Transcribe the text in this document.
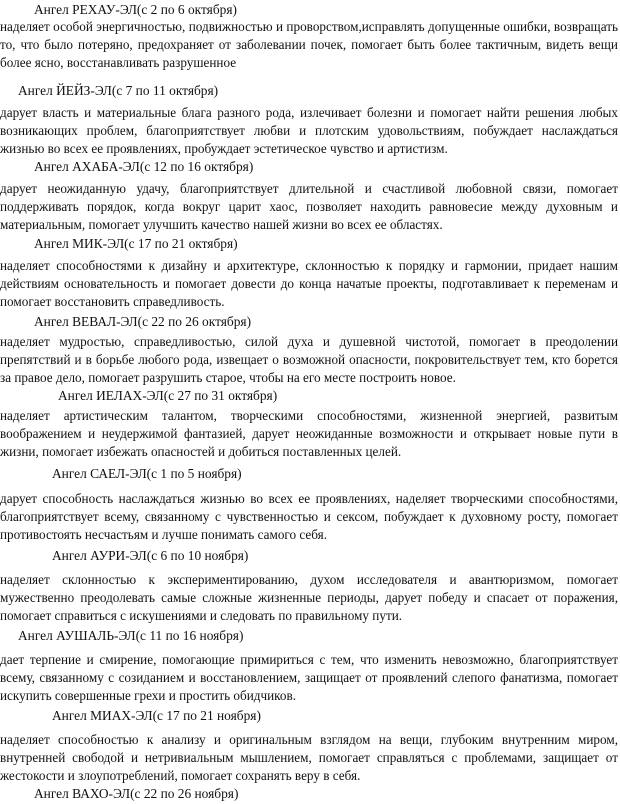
Ангел РЕХАУ-ЭЛ(с 2 по 6 октября)
наделяет особой энергичностью, подвижностью и проворством,исправлять допущенные ошибки, возвращать то, что было потеряно, предохраняет от заболевании почек, помогает быть более тактичным, видеть вещи более ясно, восстанавливать разрушенное
Ангел ЙЕЙЗ-ЭЛ(с 7 по 11 октября)
дарует власть и материальные блага разного рода, излечивает болезни и помогает найти решения любых возникающих проблем, благоприятствует любви и плотским удовольствиям, побуждает наслаждаться жизнью во всех ее проявлениях, пробуждает эстетическое чувство и артистизм.
Ангел АХАБА-ЭЛ(с 12 по 16 октября)
дарует неожиданную удачу, благоприятствует длительной и счастливой любовной связи, помогает поддерживать порядок, когда вокруг царит хаос, позволяет находить равновесие между духовным и материальным, помогает улучшить качество нашей жизни во всех ее областях.
Ангел МИК-ЭЛ(с 17 по 21 октября)
наделяет способностями к дизайну и архитектуре, склонностью к порядку и гармонии, придает нашим действиям основательность и помогает довести до конца начатые проекты, подготавливает к переменам и помогает восстановить справедливость.
Ангел ВЕВАЛ-ЭЛ(с 22 по 26 октября)
наделяет мудростью, справедливостью, силой духа и душевной чистотой, помогает в преодолении препятствий и в борьбе любого рода, извещает о возможной опасности, покровительствует тем, кто борется за правое дело, помогает разрушить старое, чтобы на его месте построить новое.
Ангел ИЕЛАХ-ЭЛ(с 27 по 31 октября)
наделяет артистическим талантом, творческими способностями, жизненной энергией, развитым воображением и неудержимой фантазией, дарует неожиданные возможности и открывает новые пути в жизни, помогает избежать опасностей и добиться поставленных целей.
Ангел САЕЛ-ЭЛ(с 1 по 5 ноября)
дарует способность наслаждаться жизнью во всех ее проявлениях, наделяет творческими способностями, благоприятствует всему, связанному с чувственностью и сексом, побуждает к духовному росту, помогает противостоять несчастьям и лучше понимать самого себя.
Ангел АУРИ-ЭЛ(с 6 по 10 ноября)
наделяет склонностью к экспериментированию, духом исследователя и авантюризмом, помогает мужественно преодолевать самые сложные жизненные периоды, дарует победу и спасает от поражения, помогает справиться с искушениями и следовать по правильному пути.
Ангел АУШАЛЬ-ЭЛ(с 11 по 16 ноября)
дает терпение и смирение, помогающие примириться с тем, что изменить невозможно, благоприятствует всему, связанному с созиданием и восстановлением, защищает от проявлений слепого фанатизма, помогает искупить совершенные грехи и простить обидчиков.
Ангел МИАХ-ЭЛ(с 17 по 21 ноября)
наделяет способностью к анализу и оригинальным взглядом на вещи, глубоким внутренним миром, внутренней свободой и нетривиальным мышлением, помогает справляться с проблемами, защищает от жестокости и злоупотреблений, помогает сохранять веру в себя.
Ангел ВАХО-ЭЛ(с 22 по 26 ноября)
